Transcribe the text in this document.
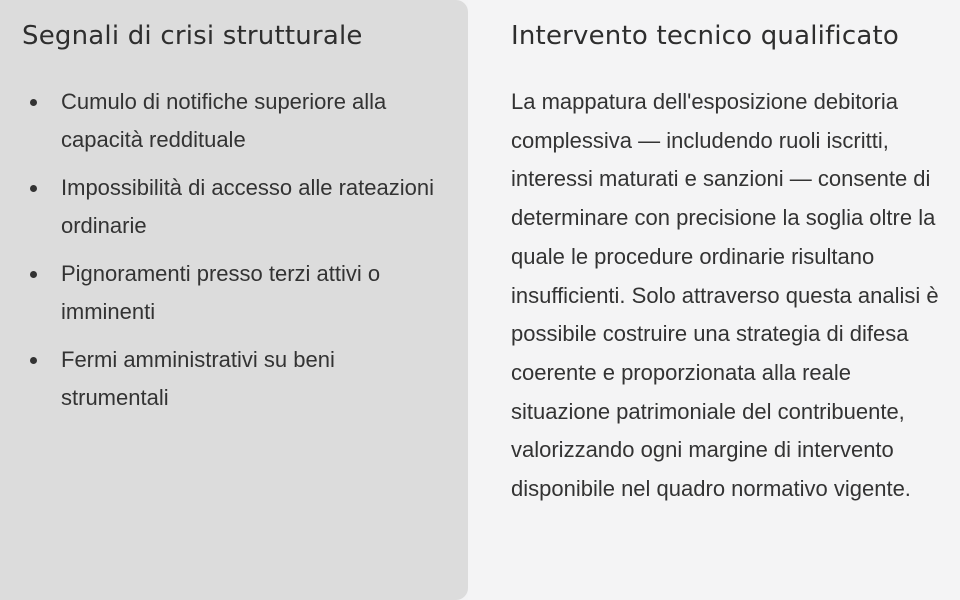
Segnali di crisi strutturale
Cumulo di notifiche superiore alla capacità reddituale
Impossibilità di accesso alle rateazioni ordinarie
Pignoramenti presso terzi attivi o imminenti
Fermi amministrativi su beni strumentali
Intervento tecnico qualificato

La mappatura dell'esposizione debitoria complessiva — includendo ruoli iscritti, interessi maturati e sanzioni — consente di determinare con precisione la soglia oltre la quale le procedure ordinarie risultano insufficienti. Solo attraverso questa analisi è possibile costruire una strategia di difesa coerente e proporzionata alla reale situazione patrimoniale del contribuente, valorizzando ogni margine di intervento disponibile nel quadro normativo vigente.
